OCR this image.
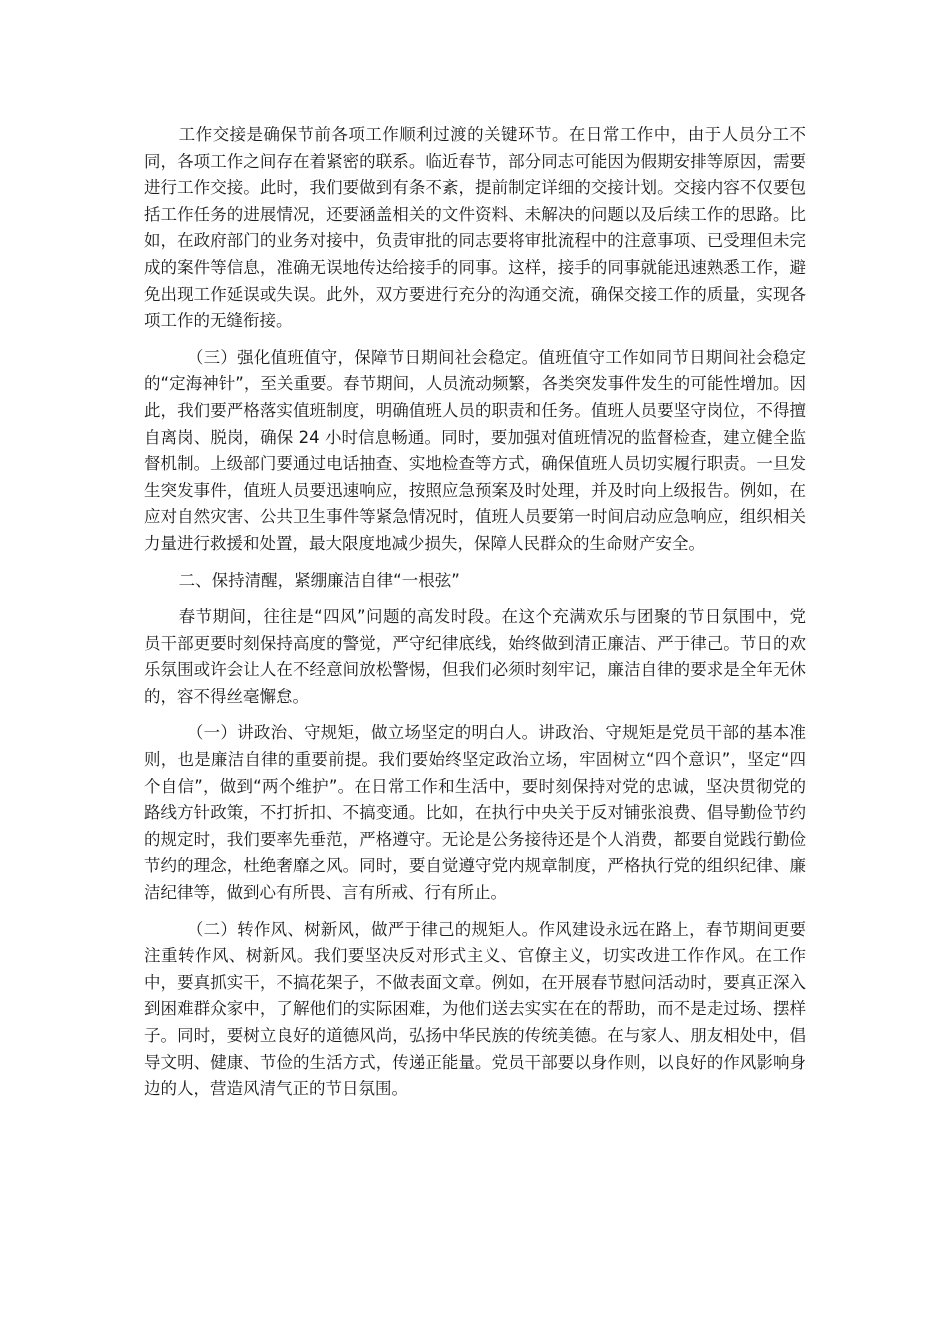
工作交接是确保节前各项工作顺利过渡的关键环节。在日常工作中，由于人员分工不同，各项工作之间存在着紧密的联系。临近春节，部分同志可能因为假期安排等原因，需要进行工作交接。此时，我们要做到有条不紊，提前制定详细的交接计划。交接内容不仅要包括工作任务的进展情况，还要涵盖相关的文件资料、未解决的问题以及后续工作的思路。比如，在政府部门的业务对接中，负责审批的同志要将审批流程中的注意事项、已受理但未完成的案件等信息，准确无误地传达给接手的同事。这样，接手的同事就能迅速熟悉工作，避免出现工作延误或失误。此外，双方要进行充分的沟通交流，确保交接工作的质量，实现各项工作的无缝衔接。

（三）强化值班值守，保障节日期间社会稳定。值班值守工作如同节日期间社会稳定的“定海神针”，至关重要。春节期间，人员流动频繁，各类突发事件发生的可能性增加。因此，我们要严格落实值班制度，明确值班人员的职责和任务。值班人员要坚守岗位，不得擅自离岗、脱岗，确保 24 小时信息畅通。同时，要加强对值班情况的监督检查，建立健全监督机制。上级部门要通过电话抽查、实地检查等方式，确保值班人员切实履行职责。一旦发生突发事件，值班人员要迅速响应，按照应急预案及时处理，并及时向上级报告。例如，在应对自然灾害、公共卫生事件等紧急情况时，值班人员要第一时间启动应急响应，组织相关力量进行救援和处置，最大限度地减少损失，保障人民群众的生命财产安全。

二、保持清醒，紧绷廉洁自律“一根弦”

春节期间，往往是“四风”问题的高发时段。在这个充满欢乐与团聚的节日氛围中，党员干部更要时刻保持高度的警觉，严守纪律底线，始终做到清正廉洁、严于律己。节日的欢乐氛围或许会让人在不经意间放松警惕，但我们必须时刻牢记，廉洁自律的要求是全年无休的，容不得丝毫懈怠。

（一）讲政治、守规矩，做立场坚定的明白人。讲政治、守规矩是党员干部的基本准则，也是廉洁自律的重要前提。我们要始终坚定政治立场，牢固树立“四个意识”，坚定“四个自信”，做到“两个维护”。在日常工作和生活中，要时刻保持对党的忠诚，坚决贯彻党的路线方针政策，不打折扣、不搞变通。比如，在执行中央关于反对铺张浪费、倡导勤俭节约的规定时，我们要率先垂范，严格遵守。无论是公务接待还是个人消费，都要自觉践行勤俭节约的理念，杜绝奢靡之风。同时，要自觉遵守党内规章制度，严格执行党的组织纪律、廉洁纪律等，做到心有所畏、言有所戒、行有所止。

（二）转作风、树新风，做严于律己的规矩人。作风建设永远在路上，春节期间更要注重转作风、树新风。我们要坚决反对形式主义、官僚主义，切实改进工作作风。在工作中，要真抓实干，不搞花架子，不做表面文章。例如，在开展春节慰问活动时，要真正深入到困难群众家中，了解他们的实际困难，为他们送去实实在在的帮助，而不是走过场、摆样子。同时，要树立良好的道德风尚，弘扬中华民族的传统美德。在与家人、朋友相处中，倡导文明、健康、节俭的生活方式，传递正能量。党员干部要以身作则，以良好的作风影响身边的人，营造风清气正的节日氛围。
